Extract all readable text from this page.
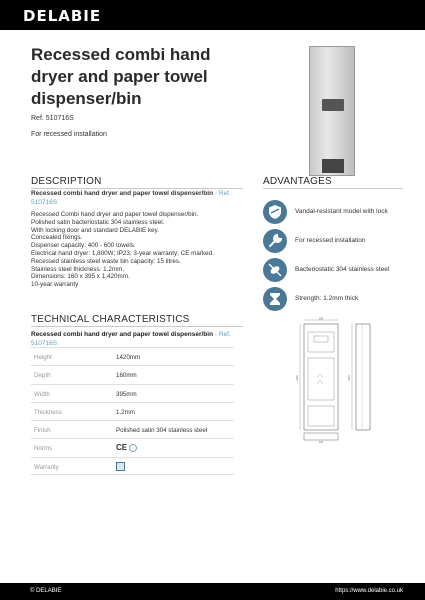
DELABIE
Recessed combi hand dryer and paper towel dispenser/bin
Ref. 510716S
For recessed installation
DESCRIPTION
Recessed combi hand dryer and paper towel dispenser/bin - Ref. 510716S
Recessed Combi hand dryer and paper towel dispenser/bin.
Polished satin bacteriostatic 304 stainless steel.
With locking door and standard DELABIE key.
Concealed fixings.
Dispenser capacity: 400 - 600 towels.
Electrical hand dryer: 1,800W; IP23; 3-year warranty; CE marked.
Recessed stainless steel waste bin capacity: 15 litres.
Stainless steel thickness: 1.2mm.
Dimensions: 160 x 395 x 1,420mm.
10-year warranty
ADVANTAGES
Vandal-resistant model with lock
For recessed installation
Bacteriostatic 304 stainless steel
Strength: 1.2mm thick
TECHNICAL CHARACTERISTICS
Recessed combi hand dryer and paper towel dispenser/bin - Ref. 510716S
Height	1420mm
Depth	160mm
Width	395mm
Thickness	1.2mm
Finish	Polished satin 304 stainless steel
Norms	CE
Warranty
395
1420
320
1375
© DELABIE	https://www.delabie.co.uk
